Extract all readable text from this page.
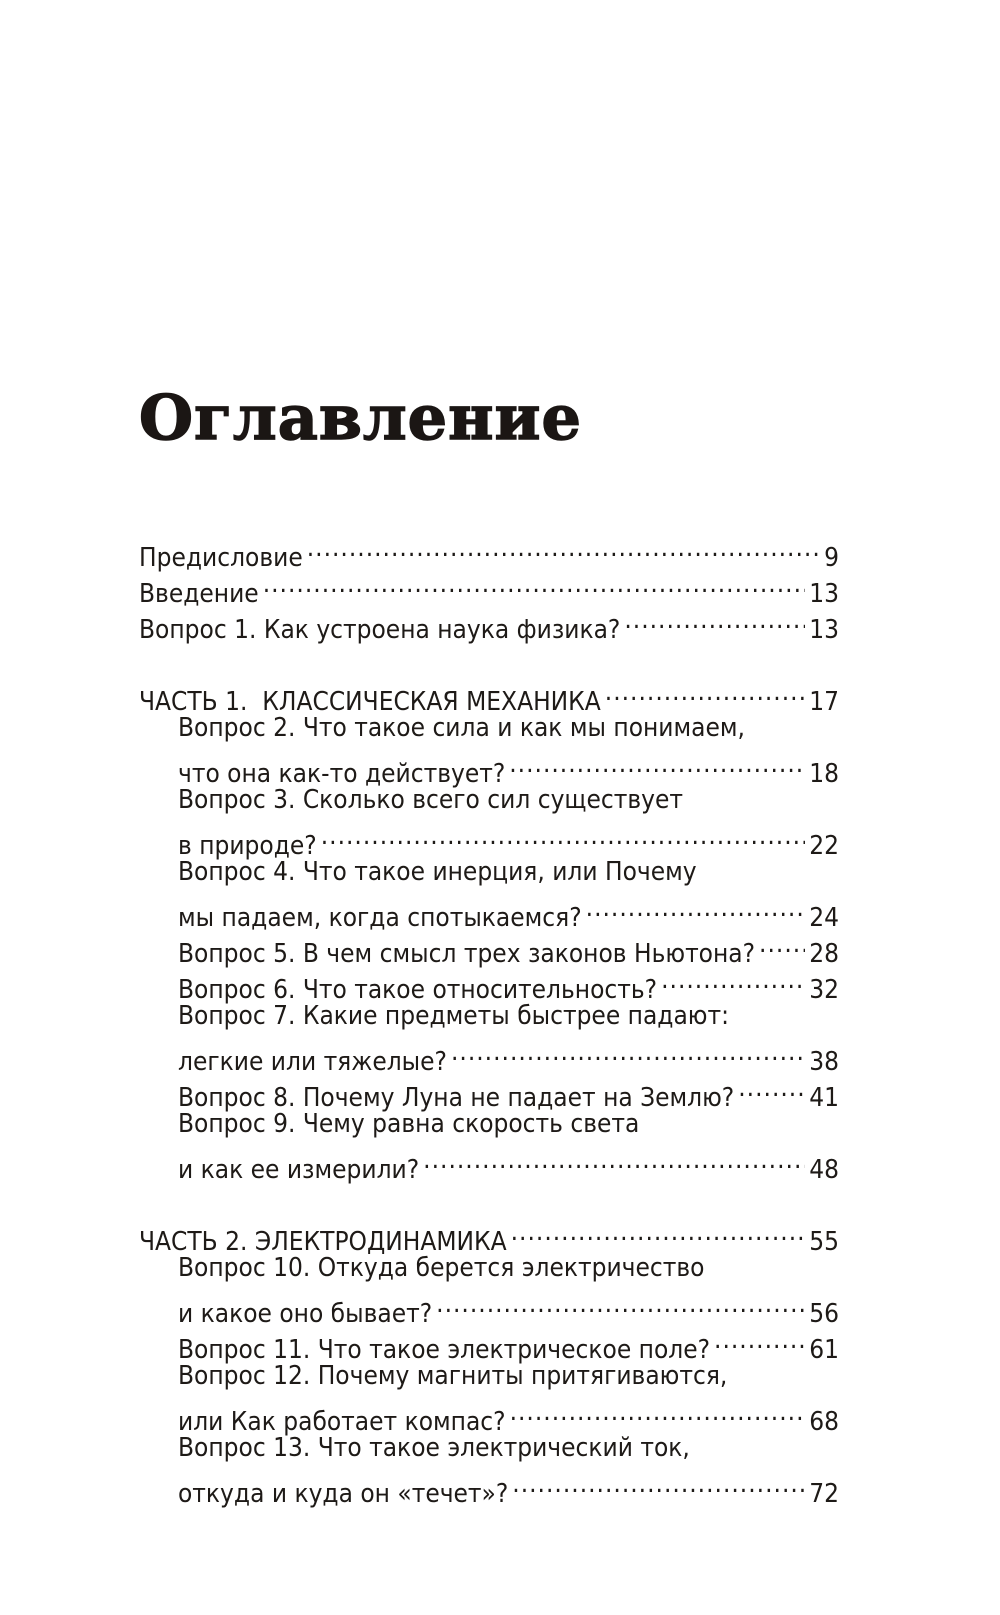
Оглавление
Предисловие .....	9
Введение .....	13
Вопрос 1. Как устроена наука физика? .....	13
ЧАСТЬ 1.  КЛАССИЧЕСКАЯ МЕХАНИКА .....	17
Вопрос 2. Что такое сила и как мы понимаем,
что она как-то действует? .....	18
Вопрос 3. Сколько всего сил существует
в природе? .....	22
Вопрос 4. Что такое инерция, или Почему
мы падаем, когда спотыкаемся? .....	24
Вопрос 5. В чем смысл трех законов Ньютона? ..... 28
Вопрос 6. Что такое относительность? .....	32
Вопрос 7. Какие предметы быстрее падают:
легкие или тяжелые? .....	38
Вопрос 8. Почему Луна не падает на Землю? .....	41
Вопрос 9. Чему равна скорость света
и как ее измерили? .....	48
ЧАСТЬ 2. ЭЛЕКТРОДИНАМИКА .....	55
Вопрос 10. Откуда берется электричество
и какое оно бывает? .....	56
Вопрос 11. Что такое электрическое поле? .....	61
Вопрос 12. Почему магниты притягиваются,
или Как работает компас? .....	68
Вопрос 13. Что такое электрический ток,
откуда и куда он «течет»? .....	72
